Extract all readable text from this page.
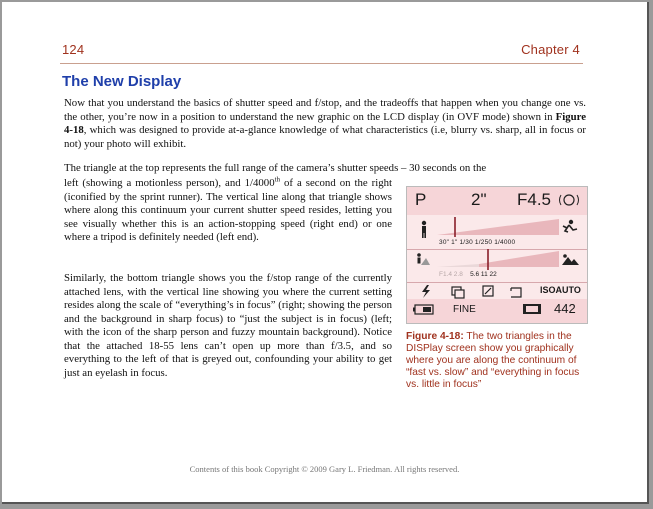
124	Chapter 4
The New Display
Now that you understand the basics of shutter speed and f/stop, and the tradeoffs that happen when you change one vs. the other, you’re now in a position to understand the new graphic on the LCD display (in OVF mode) shown in Figure 4-18, which was designed to provide at-a-glance knowledge of what characteristics (i.e, blurry vs. sharp, all in focus or not) your photo will exhibit.
The triangle at the top represents the full range of the camera’s shutter speeds – 30 seconds on the
left (showing a motionless person), and 1/4000th of a second on the right (iconified by the sprint runner). The vertical line along that triangle shows where along this continuum your current shutter speed resides, letting you see visually whether this is an action-stopping speed (right end) or one where a tripod is definitely needed (left end).
Similarly, the bottom triangle shows you the f/stop range of the currently attached lens, with the vertical line showing you where the current setting resides along the scale of “everything’s in focus” (right; showing the person and the background in sharp focus) to “just the subject is in focus) (left; with the icon of the sharp person and fuzzy mountain background). Notice that the attached 18-55 lens can’t open up more than f/3.5, and so everything to the left of that is greyed out, confounding your ability to get just an eyelash in focus.
P	2" F4.5
30" 1" 1/30 1/250 1/4000
F1.4 2.8 5.6 11 22
ISOAUTO
FINE	442
Figure 4-18: The two triangles in the DISPlay screen show you graphically where you are along the continuum of “fast vs. slow” and “everything in focus vs. little in focus”
Contents of this book Copyright © 2009 Gary L. Friedman. All rights reserved.
